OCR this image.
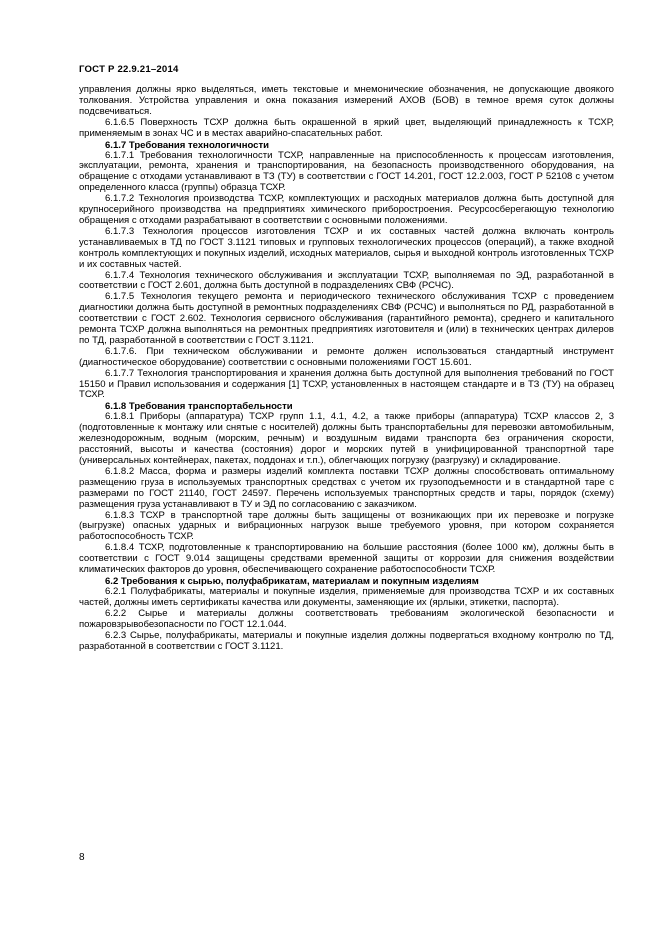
ГОСТ Р 22.9.21–2014

управления должны ярко выделяться, иметь текстовые и мнемонические обозначения, не допускающие двоякого толкования. Устройства управления и окна показания измерений АХОВ (БОВ) в темное время суток должны подсвечиваться.

6.1.6.5 Поверхность ТСХР должна быть окрашенной в яркий цвет, выделяющий принадлежность к ТСХР, применяемым в зонах ЧС и в местах аварийно-спасательных работ.

6.1.7 Требования технологичности

6.1.7.1 Требования технологичности ТСХР, направленные на приспособленность к процессам изготовления, эксплуатации, ремонта, хранения и транспортирования, на безопасность производственного оборудования, на обращение с отходами устанавливают в ТЗ (ТУ) в соответствии с ГОСТ 14.201, ГОСТ 12.2.003, ГОСТ Р 52108 с учетом определенного класса (группы) образца ТСХР.

6.1.7.2 Технология производства ТСХР, комплектующих и расходных материалов должна быть доступной для крупносерийного производства на предприятиях химического приборостроения. Ресурсосберегающую технологию обращения с отходами разрабатывают в соответствии с основными положениями.

6.1.7.3 Технология процессов изготовления ТСХР и их составных частей должна включать контроль устанавливаемых в ТД по ГОСТ 3.1121 типовых и групповых технологических процессов (операций), а также входной контроль комплектующих и покупных изделий, исходных материалов, сырья и выходной контроль изготовленных ТСХР и их составных частей.

6.1.7.4 Технология технического обслуживания и эксплуатации ТСХР, выполняемая по ЭД, разработанной в соответствии с ГОСТ 2.601, должна быть доступной в подразделениях СВФ (РСЧС).

6.1.7.5 Технология текущего ремонта и периодического технического обслуживания ТСХР с проведением диагностики должна быть доступной в ремонтных подразделениях СВФ (РСЧС) и выполняться по РД, разработанной в соответствии с ГОСТ 2.602. Технология сервисного обслуживания (гарантийного ремонта), среднего и капитального ремонта ТСХР должна выполняться на ремонтных предприятиях изготовителя и (или) в технических центрах дилеров по ТД, разработанной в соответствии с ГОСТ 3.1121.

6.1.7.6. При техническом обслуживании и ремонте должен использоваться стандартный инструмент (диагностическое оборудование) соответствии с основными положениями ГОСТ 15.601.

6.1.7.7 Технология транспортирования и хранения должна быть доступной для выполнения требований по ГОСТ 15150 и Правил использования и содержания [1] ТСХР, установленных в настоящем стандарте и в ТЗ (ТУ) на образец ТСХР.

6.1.8 Требования транспортабельности

6.1.8.1 Приборы (аппаратура) ТСХР групп 1.1, 4.1, 4.2, а также приборы (аппаратура) ТСХР классов 2, 3 (подготовленные к монтажу или снятые с носителей) должны быть транспортабельны для перевозки автомобильным, железнодорожным, водным (морским, речным) и воздушным видами транспорта без ограничения скорости, расстояний, высоты и качества (состояния) дорог и морских путей в унифицированной транспортной таре (универсальных контейнерах, пакетах, поддонах и т.п.), облегчающих погрузку (разгрузку) и складирование.

6.1.8.2 Масса, форма и размеры изделий комплекта поставки ТСХР должны способствовать оптимальному размещению груза в используемых транспортных средствах с учетом их грузоподъемности и в стандартной таре с размерами по ГОСТ 21140, ГОСТ 24597. Перечень используемых транспортных средств и тары, порядок (схему) размещения груза устанавливают в ТУ и ЭД по согласованию с заказчиком.

6.1.8.3 ТСХР в транспортной таре должны быть защищены от возникающих при их перевозке и погрузке (выгрузке) опасных ударных и вибрационных нагрузок выше требуемого уровня, при котором сохраняется работоспособность ТСХР.

6.1.8.4 ТСХР, подготовленные к транспортированию на большие расстояния (более 1000 км), должны быть в соответствии с ГОСТ 9.014 защищены средствами временной защиты от коррозии для снижения воздействии климатических факторов до уровня, обеспечивающего сохранение работоспособности ТСХР.

6.2 Требования к сырью, полуфабрикатам, материалам и покупным изделиям

6.2.1 Полуфабрикаты, материалы и покупные изделия, применяемые для производства ТСХР и их составных частей, должны иметь сертификаты качества или документы, заменяющие их (ярлыки, этикетки, паспорта).

6.2.2 Сырье и материалы должны соответствовать требованиям экологической безопасности и пожаровзрывобезопасности по ГОСТ 12.1.044.

6.2.3 Сырье, полуфабрикаты, материалы и покупные изделия должны подвергаться входному контролю по ТД, разработанной в соответствии с ГОСТ 3.1121.

8
